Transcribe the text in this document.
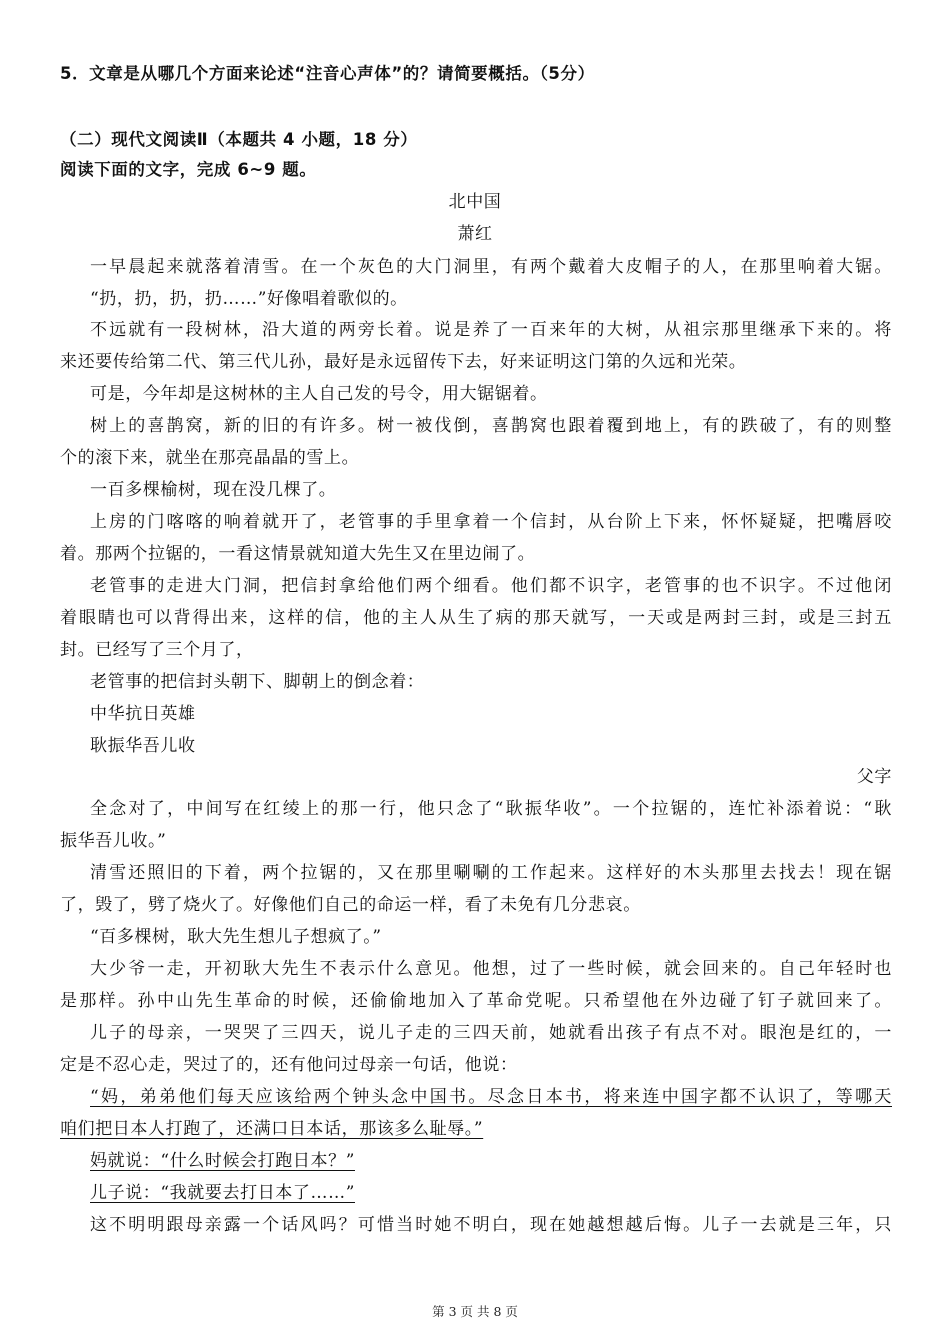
5．文章是从哪几个方面来论述“注音心声体”的？请简要概括。（5分）
（二）现代文阅读Ⅱ（本题共 4 小题，18 分）
阅读下面的文字，完成 6~9 题。
北中国
萧红
一早晨起来就落着清雪。在一个灰色的大门洞里，有两个戴着大皮帽子的人，在那里响着大锯。
“扔，扔，扔，扔……”好像唱着歌似的。
不远就有一段树林，沿大道的两旁长着。说是养了一百来年的大树，从祖宗那里继承下来的。将
来还要传给第二代、第三代儿孙，最好是永远留传下去，好来证明这门第的久远和光荣。
可是，今年却是这树林的主人自己发的号令，用大锯锯着。
树上的喜鹊窝，新的旧的有许多。树一被伐倒，喜鹊窝也跟着覆到地上，有的跌破了，有的则整
个的滚下来，就坐在那亮晶晶的雪上。
一百多棵榆树，现在没几棵了。
上房的门喀喀的响着就开了，老管事的手里拿着一个信封，从台阶上下来，怀怀疑疑，把嘴唇咬
着。那两个拉锯的，一看这情景就知道大先生又在里边闹了。
老管事的走进大门洞，把信封拿给他们两个细看。他们都不识字，老管事的也不识字。不过他闭
着眼睛也可以背得出来，这样的信，他的主人从生了病的那天就写，一天或是两封三封，或是三封五
封。已经写了三个月了，
老管事的把信封头朝下、脚朝上的倒念着：
中华抗日英雄
耿振华吾儿收
父字
全念对了，中间写在红绫上的那一行，他只念了“耿振华收”。一个拉锯的，连忙补添着说：“耿
振华吾儿收。”
清雪还照旧的下着，两个拉锯的，又在那里唰唰的工作起来。这样好的木头那里去找去！现在锯
了，毁了，劈了烧火了。好像他们自己的命运一样，看了未免有几分悲哀。
“百多棵树，耿大先生想儿子想疯了。”
大少爷一走，开初耿大先生不表示什么意见。他想，过了一些时候，就会回来的。自己年轻时也
是那样。孙中山先生革命的时候，还偷偷地加入了革命党呢。只希望他在外边碰了钉子就回来了。
儿子的母亲，一哭哭了三四天，说儿子走的三四天前，她就看出孩子有点不对。眼泡是红的，一
定是不忍心走，哭过了的，还有他问过母亲一句话，他说：
“妈，弟弟他们每天应该给两个钟头念中国书。尽念日本书，将来连中国字都不认识了，等哪天
咱们把日本人打跑了，还满口日本话，那该多么耻辱。”
妈就说：“什么时候会打跑日本？”
儿子说：“我就要去打日本了……”
这不明明跟母亲露一个话风吗？可惜当时她不明白，现在她越想越后悔。儿子一去就是三年，只
第 3 页 共 8 页
